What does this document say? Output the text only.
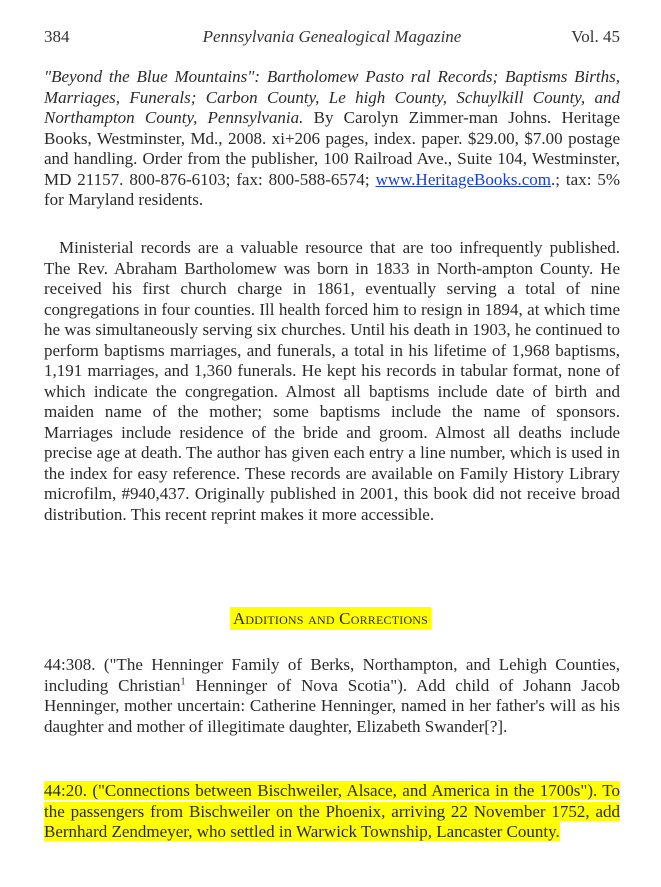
384	Pennsylvania Genealogical Magazine	Vol. 45

"Beyond the Blue Mountains": Bartholomew Pasto ral Records; Baptisms Births, Marriages, Funerals; Carbon County, Le high County, Schuylkill County, and Northampton County, Pennsylvania. By Carolyn Zimmer-man Johns. Heritage Books, Westminster, Md., 2008. xi+206 pages, index. paper. $29.00, $7.00 postage and handling. Order from the publisher, 100 Railroad Ave., Suite 104, Westminster, MD 21157. 800-876-6103; fax: 800-588-6574; www.HeritageBooks.com.; tax: 5% for Maryland residents.

Ministerial records are a valuable resource that are too infrequently published. The Rev. Abraham Bartholomew was born in 1833 in North-ampton County. He received his first church charge in 1861, eventually serving a total of nine congregations in four counties. Ill health forced him to resign in 1894, at which time he was simultaneously serving six churches. Until his death in 1903, he continued to perform baptisms marriages, and funerals, a total in his lifetime of 1,968 baptisms, 1,191 marriages, and 1,360 funerals. He kept his records in tabular format, none of which indicate the congregation. Almost all baptisms include date of birth and maiden name of the mother; some baptisms include the name of sponsors. Marriages include residence of the bride and groom. Almost all deaths include precise age at death. The author has given each entry a line number, which is used in the index for easy reference. These records are available on Family History Library microfilm, #940,437. Originally published in 2001, this book did not receive broad distribution. This recent reprint makes it more accessible.

Additions and Corrections

44:308. ("The Henninger Family of Berks, Northampton, and Lehigh Counties, including Christian$^1$ Henninger of Nova Scotia"). Add child of Johann Jacob Henninger, mother uncertain: Catherine Henninger, named in her father's will as his daughter and mother of illegitimate daughter, Elizabeth Swander[?].

44:20. ("Connections between Bischweiler, Alsace, and America in the 1700s"). To the passengers from Bischweiler on the Phoenix, arriving 22 November 1752, add Bernhard Zendmeyer, who settled in Warwick Township, Lancaster County.
